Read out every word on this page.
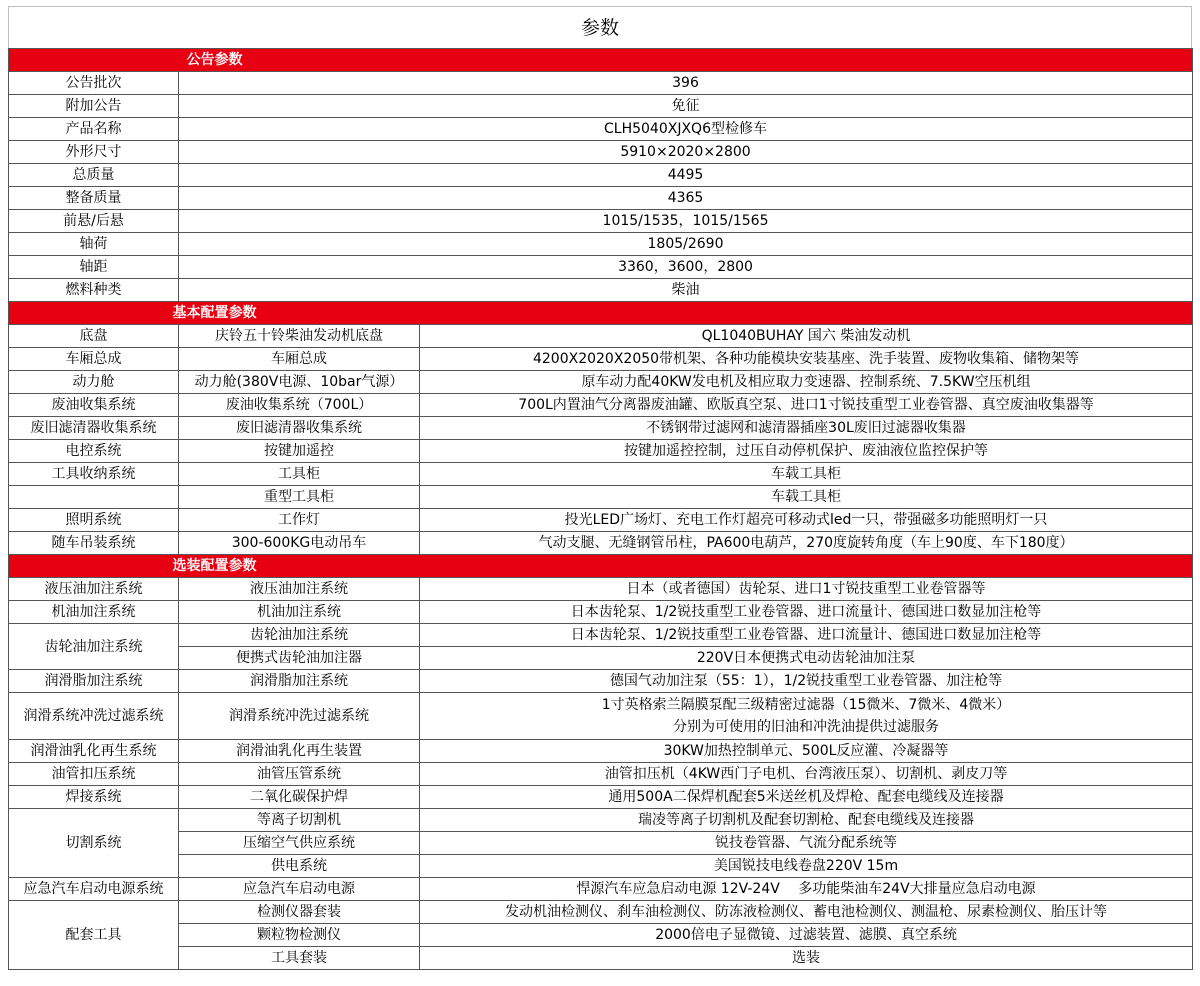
参数
公告参数		
公告批次	396	
附加公告	免征	
产品名称	CLH5040XJXQ6型检修车	
外形尺寸	5910×2020×2800	
总质量	4495	
整备质量	4365	
前悬/后悬	1015/1535，1015/1565	
轴荷	1805/2690	
轴距	3360，3600，2800	
燃料种类	柴油	
基本配置参数		
底盘	庆铃五十铃柴油发动机底盘	QL1040BUHAY 国六 柴油发动机
车厢总成	车厢总成	4200X2020X2050带机架、各种功能模块安装基座、洗手装置、废物收集箱、储物架等
动力舱	动力舱(380V电源、10bar气源）	原车动力配40KW发电机及相应取力变速器、控制系统、7.5KW空压机组
废油收集系统	废油收集系统（700L）	700L内置油气分离器废油罐、欧版真空泵、进口1寸锐技重型工业卷管器、真空废油收集器等
废旧滤清器收集系统	废旧滤清器收集系统	不锈钢带过滤网和滤清器插座30L废旧过滤器收集器
电控系统	按键加遥控	按键加遥控控制，过压自动停机保护、废油液位监控保护等
工具收纳系统	工具柜	车载工具柜
	重型工具柜	车载工具柜
照明系统	工作灯	投光LED广场灯、充电工作灯超亮可移动式led一只，带强磁多功能照明灯一只
随车吊装系统	300-600KG电动吊车	气动支腿、无缝钢管吊柱，PA600电葫芦，270度旋转角度（车上90度、车下180度）
选装配置参数		
液压油加注系统	液压油加注系统	日本（或者德国）齿轮泵、进口1寸锐技重型工业卷管器等
机油加注系统	机油加注系统	日本齿轮泵、1/2锐技重型工业卷管器、进口流量计、德国进口数显加注枪等
齿轮油加注系统	齿轮油加注系统	日本齿轮泵、1/2锐技重型工业卷管器、进口流量计、德国进口数显加注枪等
	便携式齿轮油加注器	220V日本便携式电动齿轮油加注泵
润滑脂加注系统	润滑脂加注系统	德国气动加注泵（55：1），1/2锐技重型工业卷管器、加注枪等
润滑系统冲洗过滤系统	润滑系统冲洗过滤系统	1寸英格索兰隔膜泵配三级精密过滤器（15微米、7微米、4微米）
分别为可使用的旧油和冲洗油提供过滤服务

润滑油乳化再生系统	润滑油乳化再生装置	30KW加热控制单元、500L反应灌、冷凝器等
油管扣压系统	油管压管系统	油管扣压机（4KW西门子电机、台湾液压泵）、切割机、剥皮刀等
焊接系统	二氧化碳保护焊	通用500A二保焊机配套5米送丝机及焊枪、配套电缆线及连接器
切割系统	等离子切割机	瑞凌等离子切割机及配套切割枪、配套电缆线及连接器
	压缩空气供应系统	锐技卷管器、气流分配系统等
	供电系统	美国锐技电线卷盘220V 15m
应急汽车启动电源系统	应急汽车启动电源	悍源汽车应急启动电源 12V-24V　 多功能柴油车24V大排量应急启动电源
配套工具	检测仪器套装	发动机油检测仪、刹车油检测仪、防冻液检测仪、蓄电池检测仪、测温枪、尿素检测仪、胎压计等
	颗粒物检测仪	2000倍电子显微镜、过滤装置、滤膜、真空系统
	工具套装	选装
